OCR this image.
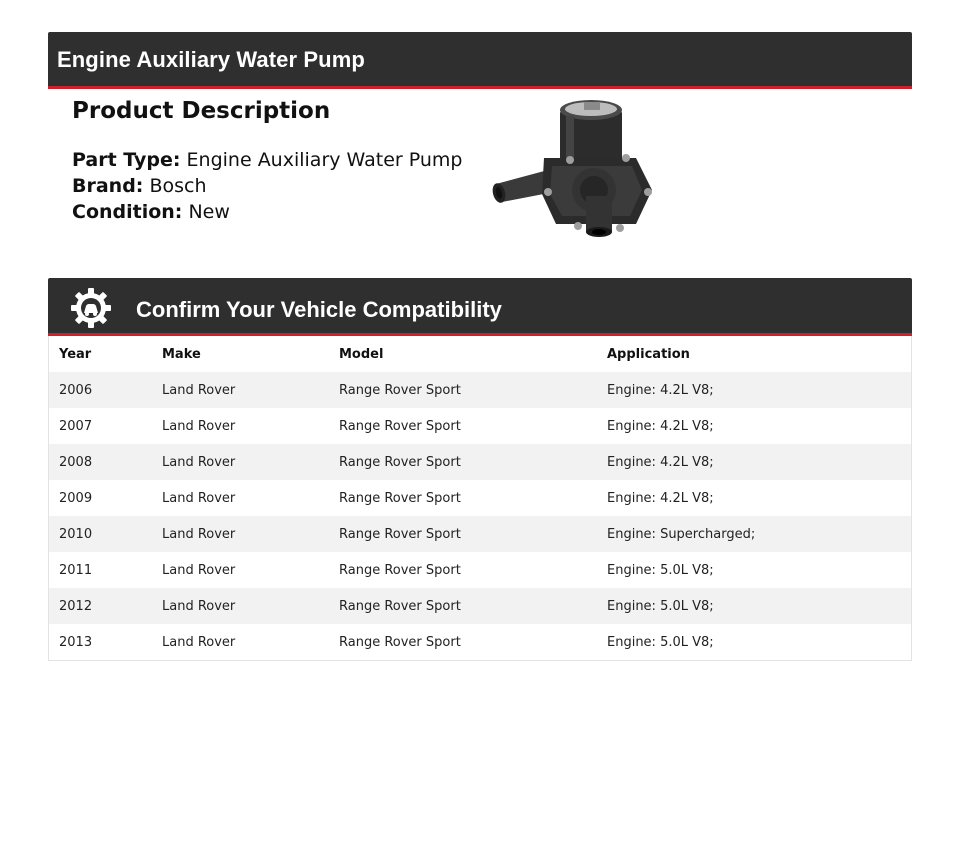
Engine Auxiliary Water Pump
Product Description
Part Type: Engine Auxiliary Water Pump
Brand: Bosch
Condition: New
Confirm Your Vehicle Compatibility
Year	Make	Model	Application
2006	Land Rover	Range Rover Sport	Engine: 4.2L V8;
2007	Land Rover	Range Rover Sport	Engine: 4.2L V8;
2008	Land Rover	Range Rover Sport	Engine: 4.2L V8;
2009	Land Rover	Range Rover Sport	Engine: 4.2L V8;
2010	Land Rover	Range Rover Sport	Engine: Supercharged;
2011	Land Rover	Range Rover Sport	Engine: 5.0L V8;
2012	Land Rover	Range Rover Sport	Engine: 5.0L V8;
2013	Land Rover	Range Rover Sport	Engine: 5.0L V8;
